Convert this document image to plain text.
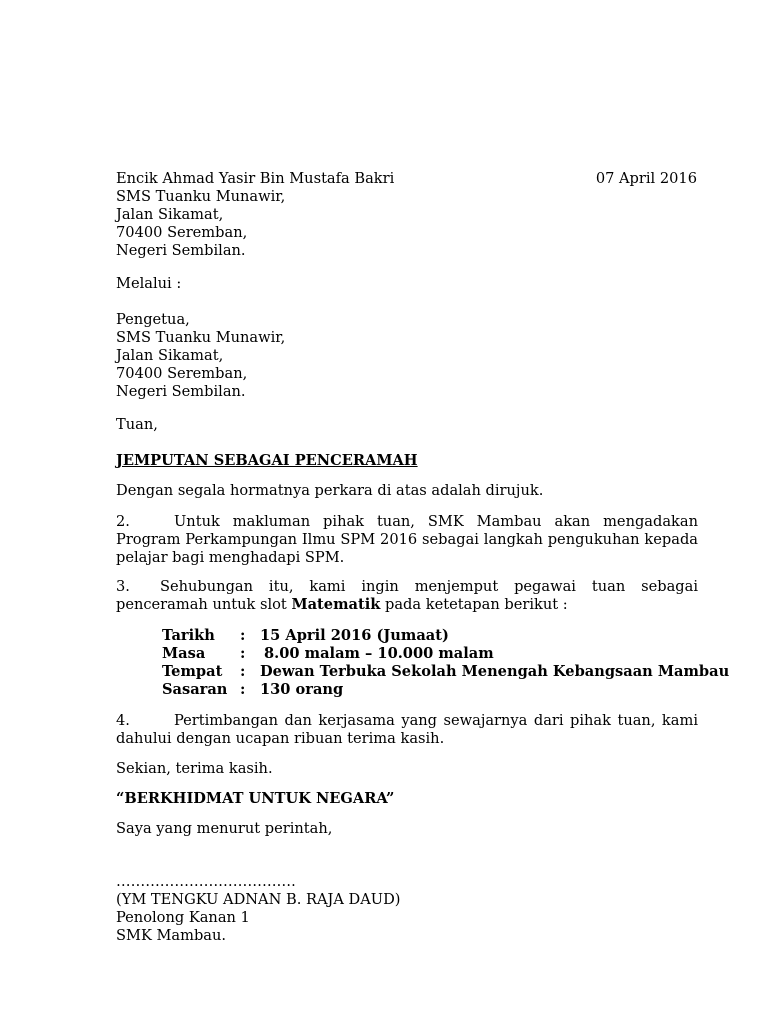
Encik Ahmad Yasir Bin Mustafa Bakri
SMS Tuanku Munawir,
Jalan Sikamat,
70400 Seremban,
Negeri Sembilan.
07 April 2016
Melalui :
Pengetua,
SMS Tuanku Munawir,
Jalan Sikamat,
70400 Seremban,
Negeri Sembilan.
Tuan,
JEMPUTAN SEBAGAI PENCERAMAH
Dengan segala hormatnya perkara di atas adalah dirujuk.
2.	Untuk makluman pihak tuan, SMK Mambau akan mengadakan Program Perkampungan Ilmu SPM 2016 sebagai langkah pengukuhan kepada pelajar bagi menghadapi SPM.
3. Sehubungan itu, kami ingin menjemput pegawai tuan sebagai penceramah untuk slot Matematik pada ketetapan berikut :
Tarikh	:	15 April 2016 (Jumaat)
Masa	:	8.00 malam – 10.000 malam
Tempat	:	Dewan Terbuka Sekolah Menengah Kebangsaan Mambau
Sasaran	:	130 orang
4.	Pertimbangan dan kerjasama yang sewajarnya dari pihak tuan, kami dahului dengan ucapan ribuan terima kasih.
Sekian, terima kasih.
“BERKHIDMAT UNTUK NEGARA”
Saya yang menurut perintah,
……………………………….
(YM TENGKU ADNAN B. RAJA DAUD)
Penolong Kanan 1
SMK Mambau.
